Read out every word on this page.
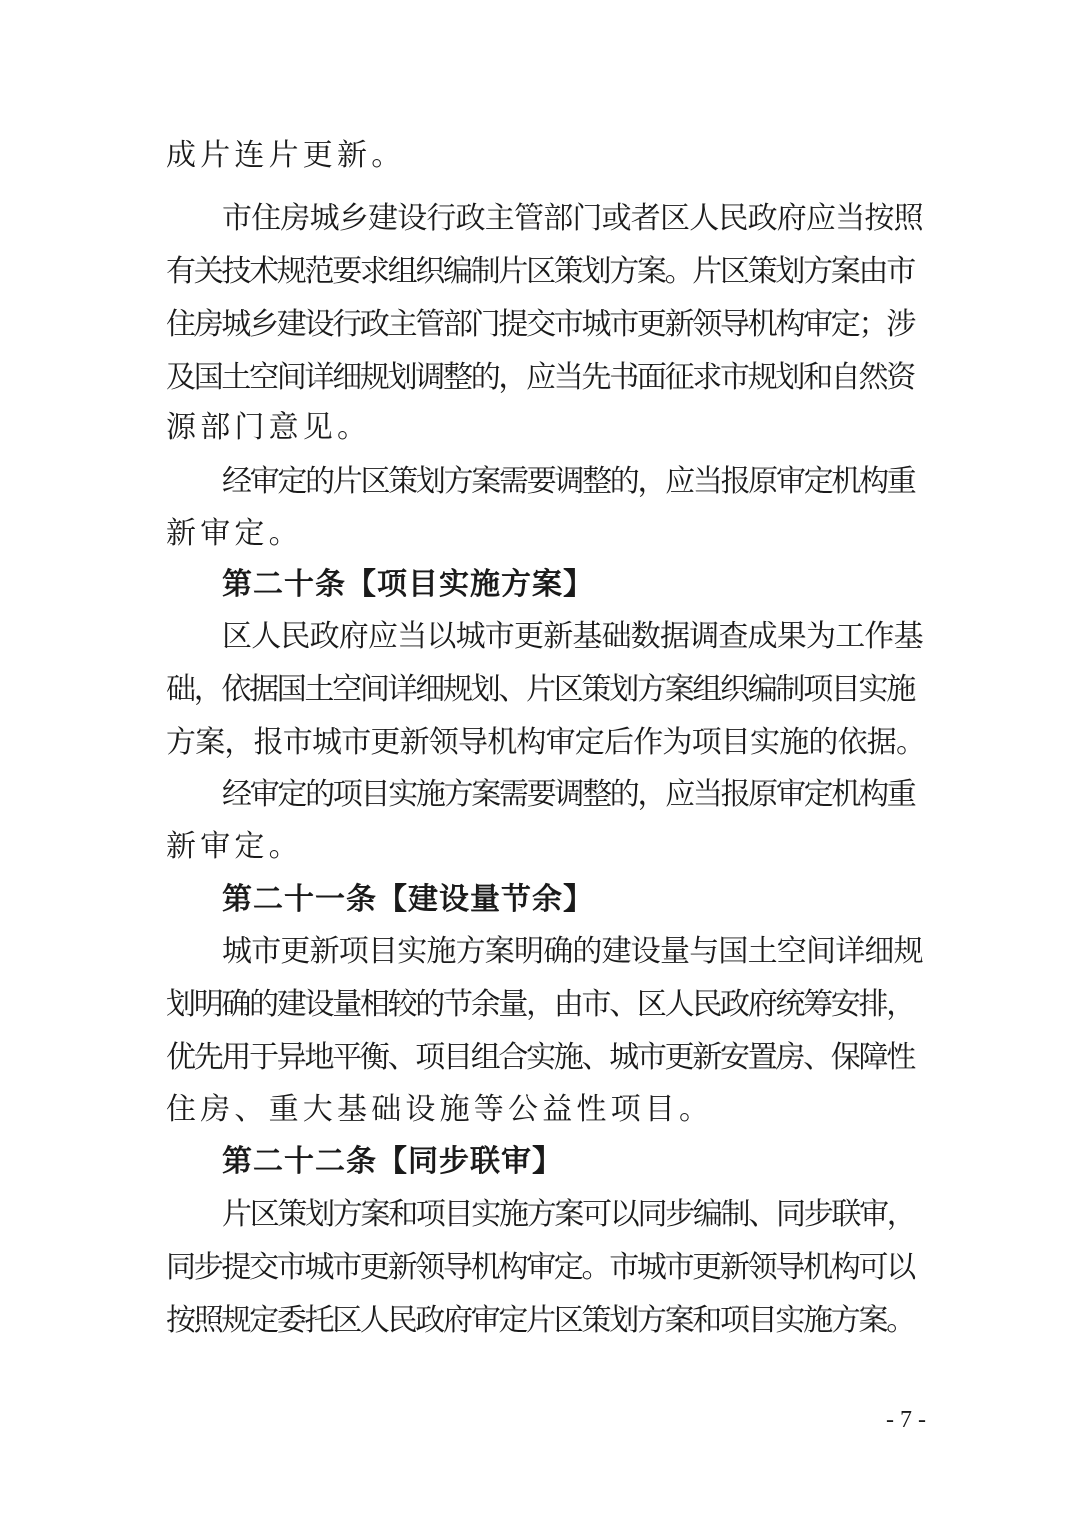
成片连片更新。
市住房城乡建设行政主管部门或者区人民政府应当按照
有关技术规范要求组织编制片区策划方案。片区策划方案由市
住房城乡建设行政主管部门提交市城市更新领导机构审定；涉
及国土空间详细规划调整的，应当先书面征求市规划和自然资
源部门意见。
经审定的片区策划方案需要调整的，应当报原审定机构重
新审定。
第二十条【项目实施方案】
区人民政府应当以城市更新基础数据调查成果为工作基
础，依据国土空间详细规划、片区策划方案组织编制项目实施
方案，报市城市更新领导机构审定后作为项目实施的依据。
经审定的项目实施方案需要调整的，应当报原审定机构重
新审定。
第二十一条【建设量节余】
城市更新项目实施方案明确的建设量与国土空间详细规
划明确的建设量相较的节余量，由市、区人民政府统筹安排，
优先用于异地平衡、项目组合实施、城市更新安置房、保障性
住房、重大基础设施等公益性项目。
第二十二条【同步联审】
片区策划方案和项目实施方案可以同步编制、同步联审，
同步提交市城市更新领导机构审定。市城市更新领导机构可以
按照规定委托区人民政府审定片区策划方案和项目实施方案。
- 7 -
